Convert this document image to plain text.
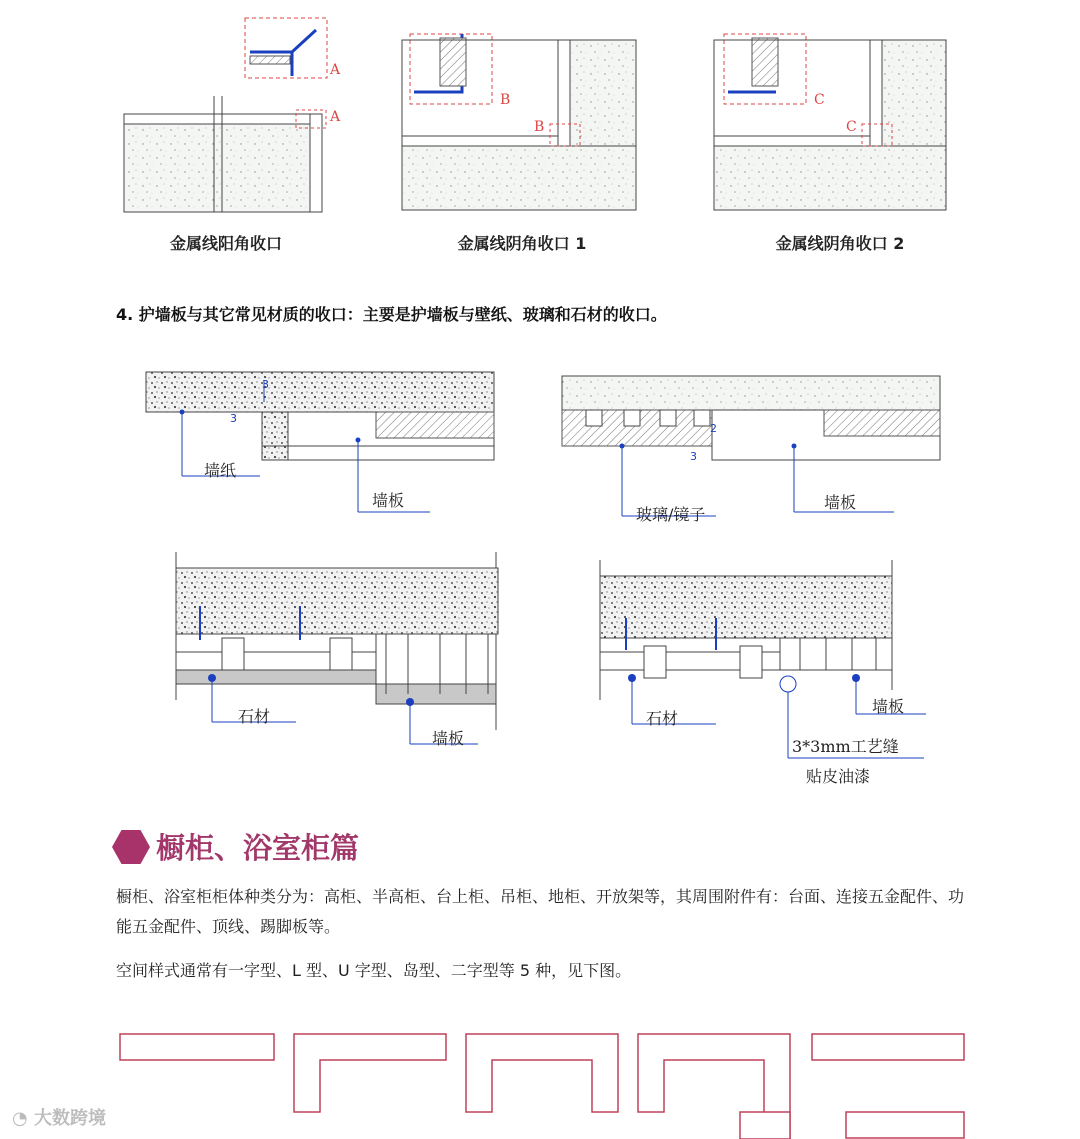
A
A
B
B
C
C
3
3
2
3
金属线阳角收口	金属线阴角收口 1	金属线阴角收口 2
4. 护墙板与其它常见材质的收口：主要是护墙板与壁纸、玻璃和石材的收口。
墙纸
墙板
玻璃/镜子
墙板
石材
墙板
石材
墙板
3*3mm工艺缝
贴皮油漆
橱柜、浴室柜篇
橱柜、浴室柜柜体种类分为：高柜、半高柜、台上柜、吊柜、地柜、开放架等，其周围附件有：台面、连接五金配件、功能五金配件、顶线、踢脚板等。
空间样式通常有一字型、L 型、U 字型、岛型、二字型等 5 种，见下图。
◔ 大数跨境
